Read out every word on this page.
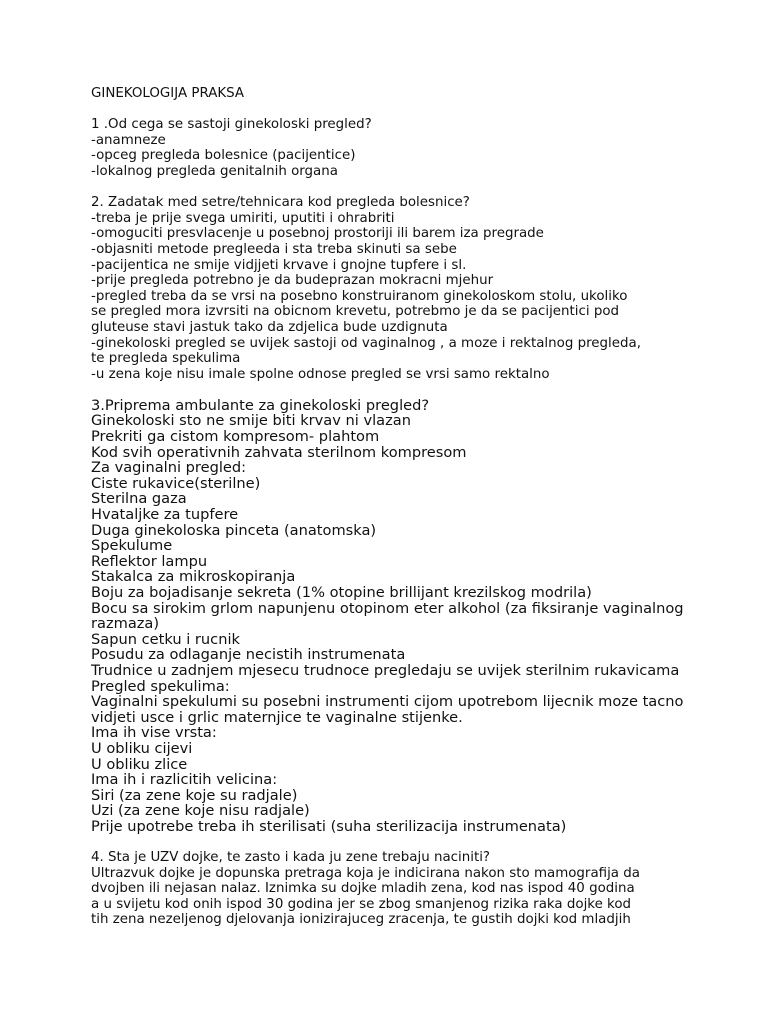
GINEKOLOGIJA PRAKSA
1 .Od cega se sastoji ginekoloski pregled?
-anamneze
-opceg pregleda bolesnice (pacijentice)
-lokalnog pregleda genitalnih organa
2. Zadatak med setre/tehnicara kod pregleda bolesnice?
-treba je prije svega umiriti, uputiti i ohrabriti
-omoguciti presvlacenje u posebnoj prostoriji ili barem iza pregrade
-objasniti metode pregleeda i sta treba skinuti sa sebe
-pacijentica ne smije vidjjeti krvave i gnojne tupfere i sl.
-prije pregleda potrebno je da budeprazan mokracni mjehur
-pregled treba da se vrsi na posebno konstruiranom ginekoloskom stolu, ukoliko
se pregled mora izvrsiti na obicnom krevetu, potrebmo je da se pacijentici pod
gluteuse stavi jastuk tako da zdjelica bude uzdignuta
-ginekoloski pregled se uvijek sastoji od vaginalnog , a moze i rektalnog pregleda,
te pregleda spekulima
-u zena koje nisu imale spolne odnose pregled se vrsi samo rektalno
3.Pripremа ambulante za ginekoloski pregled?
Ginekoloski sto ne smije biti krvav ni vlazan
Prekriti ga cistom kompresom- plahtom
Kod svih operativnih zahvata sterilnom kompresom
Za vaginalni pregled:
Ciste rukavice(sterilne)
Sterilna gaza
Hvataljke za tupfere
Duga ginekoloska pinceta (anatomska)
Spekulume
Reflektor lampu
Stakalca za mikroskopiranja
Boju za bojadisanje sekreta (1% otopine brillijant krezilskog modrila)
Bocu sa sirokim grlom napunjenu otopinom eter alkohol (za fiksiranje vaginalnog
razmaza)
Sapun cetku i rucnik
Posudu za odlaganje necistih instrumenata
Trudnice u zadnjem mjesecu trudnoce pregledaju se uvijek sterilnim rukavicama
Pregled spekulima:
Vaginalni spekulumi su posebni instrumenti cijom upotrebom lijecnik moze tacno
vidjeti usce i grlic maternjice te vaginalne stijenke.
Ima ih vise vrsta:
U obliku cijevi
U obliku zlice
Ima ih i razlicitih velicina:
Siri (za zene koje su radjale)
Uzi (za zene koje nisu radjale)
Prije upotrebe treba ih sterilisati (suha sterilizacija instrumenata)
4. Sta je UZV dojke, te zasto i kada ju zene trebaju naciniti?
Ultrazvuk dojke je dopunska pretraga koja je indicirana nakon sto mamografija da
dvojben ili nejasan nalaz. Iznimka su dojke mladih zena, kod nas ispod 40 godina
a u svijetu kod onih ispod 30 godina jer se zbog smanjenog rizika raka dojke kod
tih zena nezeljenog djelovanja ionizirajuceg zracenja, te gustih dojki kod mladjih
